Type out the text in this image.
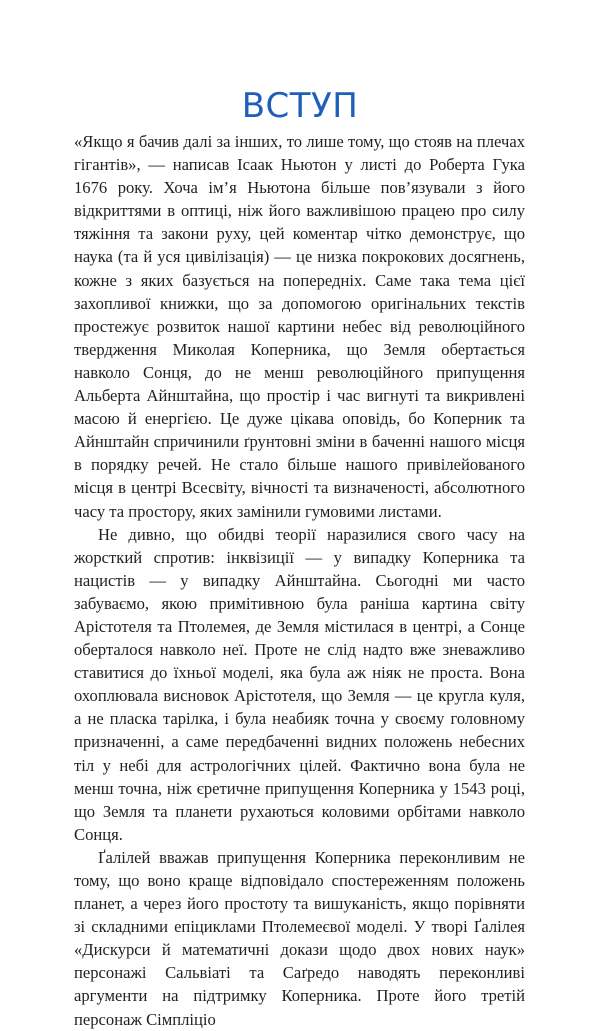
ВСТУП

«Якщо я бачив далі за інших, то лише тому, що стояв на плечах гігантів», — написав Ісаак Ньютон у листі до Роберта Гука 1676 року. Хоча ім’я Ньютона більше пов’язували з його відкриттями в оптиці, ніж його важливішою працею про силу тяжіння та закони руху, цей коментар чітко демонструє, що наука (та й уся цивілізація) — це низка покрокових досягнень, кожне з яких базується на попередніх. Саме така тема цієї захопливої книжки, що за допомогою оригінальних текстів простежує розвиток нашої картини небес від революційного твердження Миколая Коперника, що Земля обертається навколо Сонця, до не менш революційного припущення Альберта Айнштайна, що простір і час вигнуті та викривлені масою й енергією. Це дуже цікава оповідь, бо Коперник та Айнштайн спричинили ґрунтовні зміни в баченні нашого місця в порядку речей. Не стало більше нашого привілейованого місця в центрі Всесвіту, вічності та визначеності, абсолютного часу та простору, яких замінили гумовими листами.

Не дивно, що обидві теорії наразилися свого часу на жорсткий спротив: інквізиції — у випадку Коперника та нацистів — у випадку Айнштайна. Сьогодні ми часто забуваємо, якою примітивною була раніша картина світу Арістотеля та Птолемея, де Земля містилася в центрі, а Сонце оберталося навколо неї. Проте не слід надто вже зневажливо ставитися до їхньої моделі, яка була аж ніяк не проста. Вона охоплювала висновок Арістотеля, що Земля — це кругла куля, а не пласка тарілка, і була неабияк точна у своєму головному призначенні, а саме передбаченні видних положень небесних тіл у небі для астрологічних цілей. Фактично вона була не менш точна, ніж єретичне припущення Коперника у 1543 році, що Земля та планети рухаються коловими орбітами навколо Сонця.

Ґалілей вважав припущення Коперника переконливим не тому, що воно краще відповідало спостереженням положень планет, а через його простоту та вишуканість, якщо порівняти зі складними епіциклами Птолемеєвої моделі. У творі Ґалілея «Дискурси й математичні докази щодо двох нових наук» персонажі Сальвіаті та Саґредо наводять переконливі аргументи на підтримку Коперника. Проте його третій персонаж Сімпліціо
